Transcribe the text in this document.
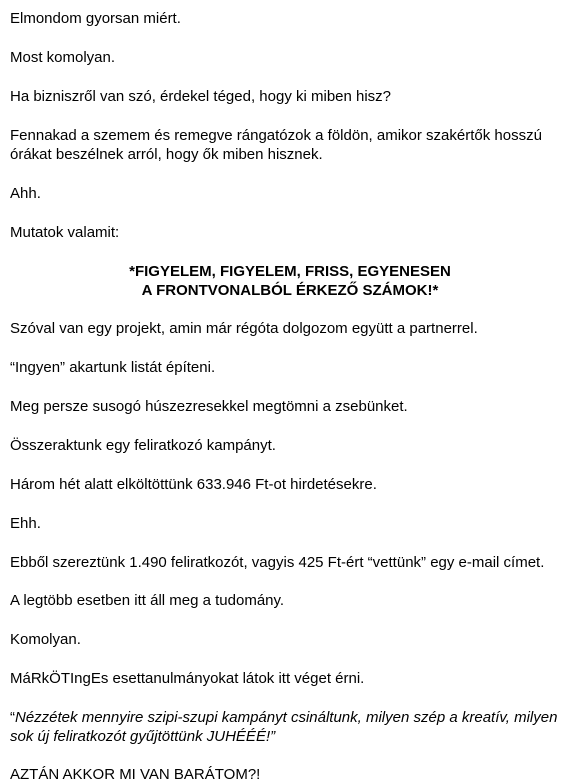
Elmondom gyorsan miért.

Most komolyan.

Ha bizniszről van szó, érdekel téged, hogy ki miben hisz?

Fennakad a szemem és remegve rángatózok a földön, amikor szakértők hosszú órákat beszélnek arról, hogy ők miben hisznek.

Ahh.

Mutatok valamit:

*FIGYELEM, FIGYELEM, FRISS, EGYENESEN

A FRONTVONALBÓL ÉRKEZŐ SZÁMOK!*

Szóval van egy projekt, amin már régóta dolgozom együtt a partnerrel.

“Ingyen” akartunk listát építeni.

Meg persze susogó húszezresekkel megtömni a zsebünket.

Összeraktunk egy feliratkozó kampányt.

Három hét alatt elköltöttünk 633.946 Ft-ot hirdetésekre.

Ehh.

Ebből szereztünk 1.490 feliratkozót, vagyis 425 Ft-ért “vettünk” egy e-mail címet.

A legtöbb esetben itt áll meg a tudomány.

Komolyan.

MáRkÖTIngEs esettanulmányokat látok itt véget érni.

“Nézzétek mennyire szipi-szupi kampányt csináltunk, milyen szép a kreatív, milyen sok új feliratkozót gyűjtöttünk JUHÉÉÉ!”

AZTÁN AKKOR MI VAN BARÁTOM?!
